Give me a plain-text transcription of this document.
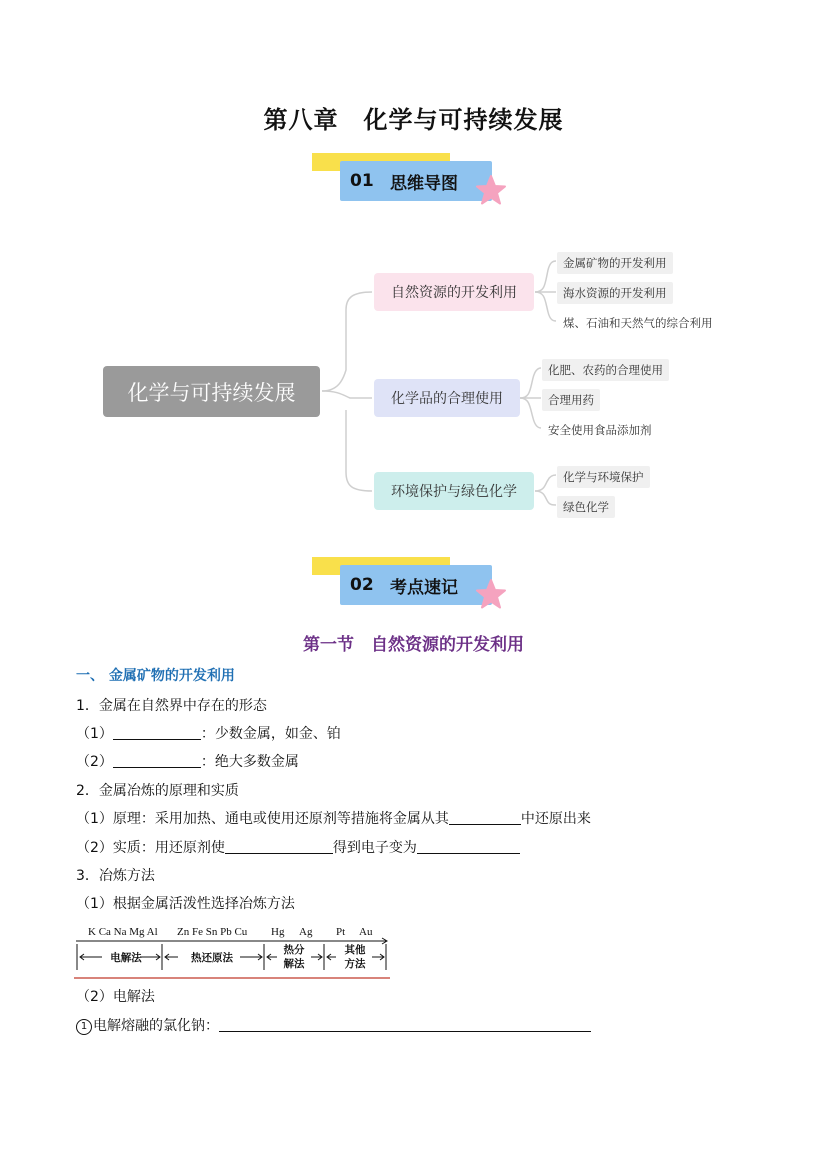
第八章　化学与可持续发展
01 思维导图
化学与可持续发展
自然资源的开发利用
金属矿物的开发利用
海水资源的开发利用
煤、石油和天然气的综合利用
化学品的合理使用
化肥、农药的合理使用
合理用药
安全使用食品添加剂
环境保护与绿色化学
化学与环境保护
绿色化学
02 考点速记
第一节　自然资源的开发利用
一、 金属矿物的开发利用
1．金属在自然界中存在的形态
（1）	：少数金属，如金、铂
（2）	：绝大多数金属
2．金属冶炼的原理和实质
（1）原理：采用加热、通电或使用还原剂等措施将金属从其	中还原出来
（2）实质：用还原剂使	得到电子变为
3．冶炼方法
（1）根据金属活泼性选择冶炼方法
K Ca Na Mg Al Zn Fe Sn Pb Cu Hg Ag Pt Au
电解法	热还原法
热分
解法
其他
方法
（2）电解法
1 电解熔融的氯化钠：
